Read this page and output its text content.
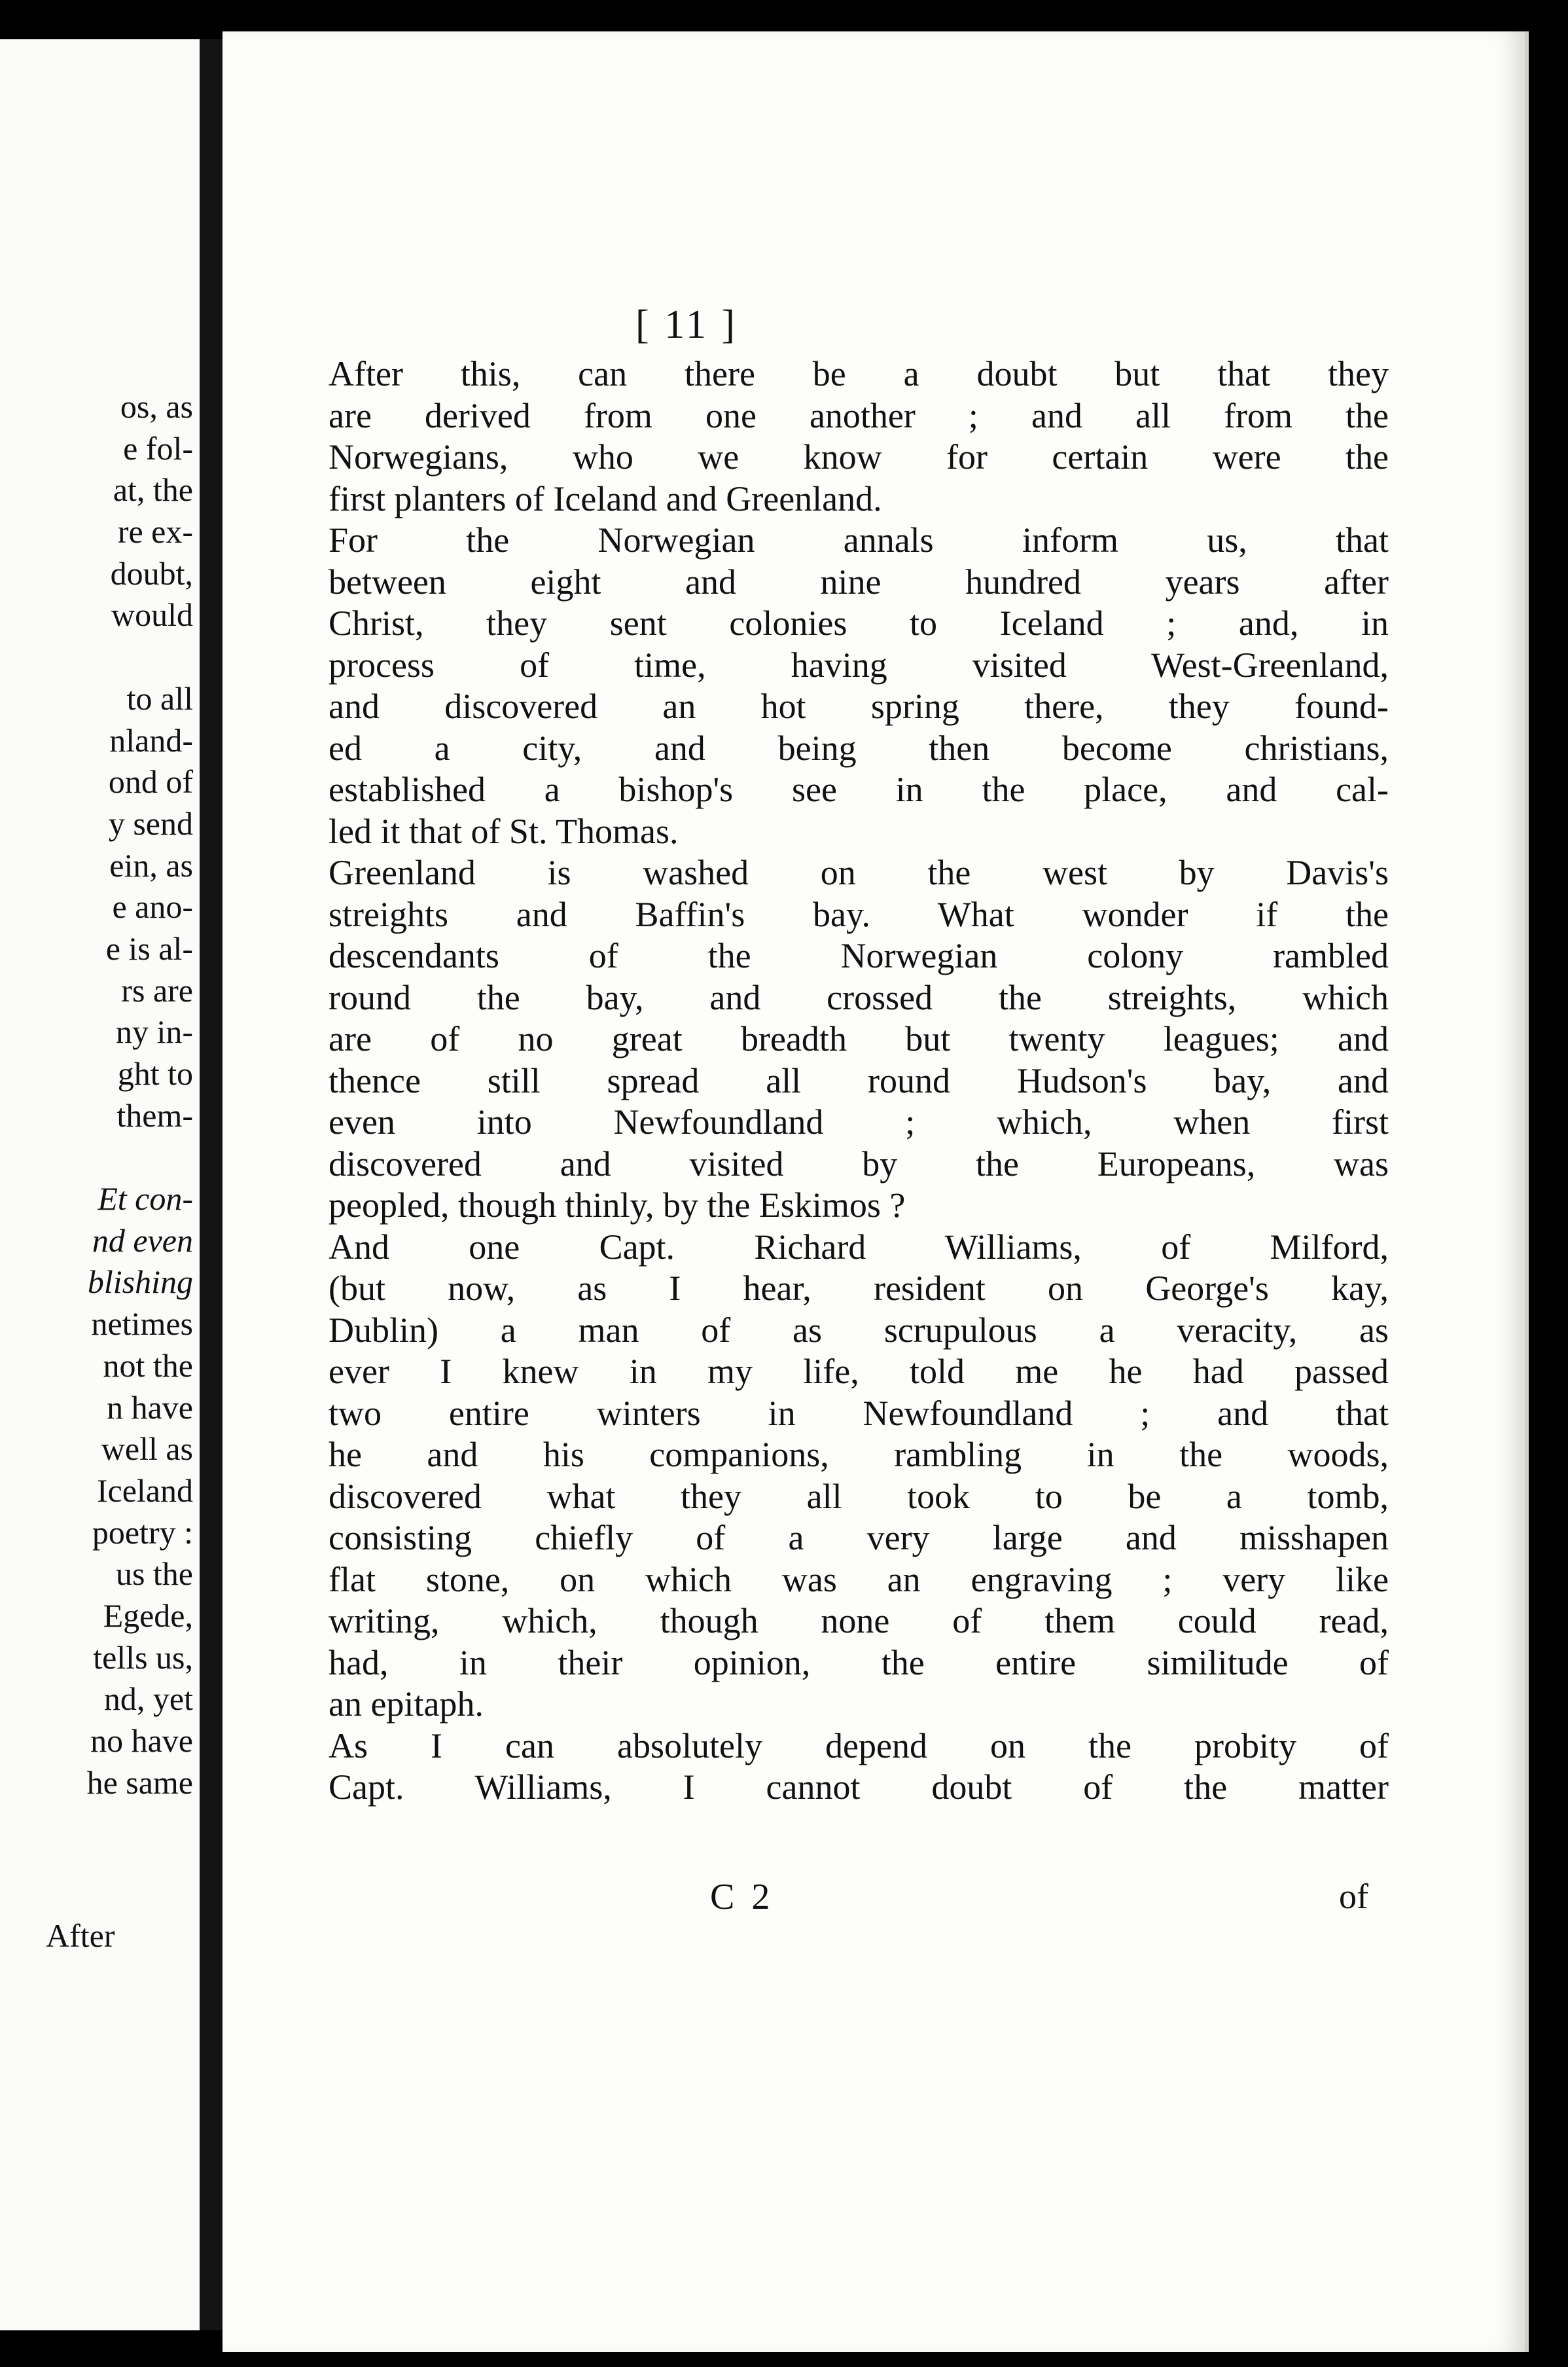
os, as
e fol-
at, the
re ex-
doubt,
would
to all
nland-
ond of
y send
ein, as
e ano-
e is al-
rs are
ny in-
ght to
them-
Et con-
nd even
blishing
netimes
not the
n have
well as
Iceland
poetry :
us the
Egede,
tells us,
nd, yet
no have
he same
After
[ 11 ]
After this, can there be a doubt but that they
are derived from one another ; and all from the
Norwegians, who we know for certain were the
first planters of Iceland and Greenland.
For the Norwegian annals inform us, that
between eight and nine hundred years after
Christ, they sent colonies to Iceland ; and, in
process of time, having visited West-Greenland,
and discovered an hot spring there, they found-
ed a city, and being then become christians,
established a bishop's see in the place, and cal-
led it that of St. Thomas.
Greenland is washed on the west by Davis's
streights and Baffin's bay. What wonder if the
descendants of the Norwegian colony rambled
round the bay, and crossed the streights, which
are of no great breadth but twenty leagues; and
thence still spread all round Hudson's bay, and
even into Newfoundland ; which, when first
discovered and visited by the Europeans, was
peopled, though thinly, by the Eskimos ?
And one Capt. Richard Williams, of Milford,
(but now, as I hear, resident on George's kay,
Dublin) a man of as scrupulous a veracity, as
ever I knew in my life, told me he had passed
two entire winters in Newfoundland ; and that
he and his companions, rambling in the woods,
discovered what they all took to be a tomb,
consisting chiefly of a very large and misshapen
flat stone, on which was an engraving ; very like
writing, which, though none of them could read,
had, in their opinion, the entire similitude of
an epitaph.
As I can absolutely depend on the probity of
Capt. Williams, I cannot doubt of the matter
C 2	of
